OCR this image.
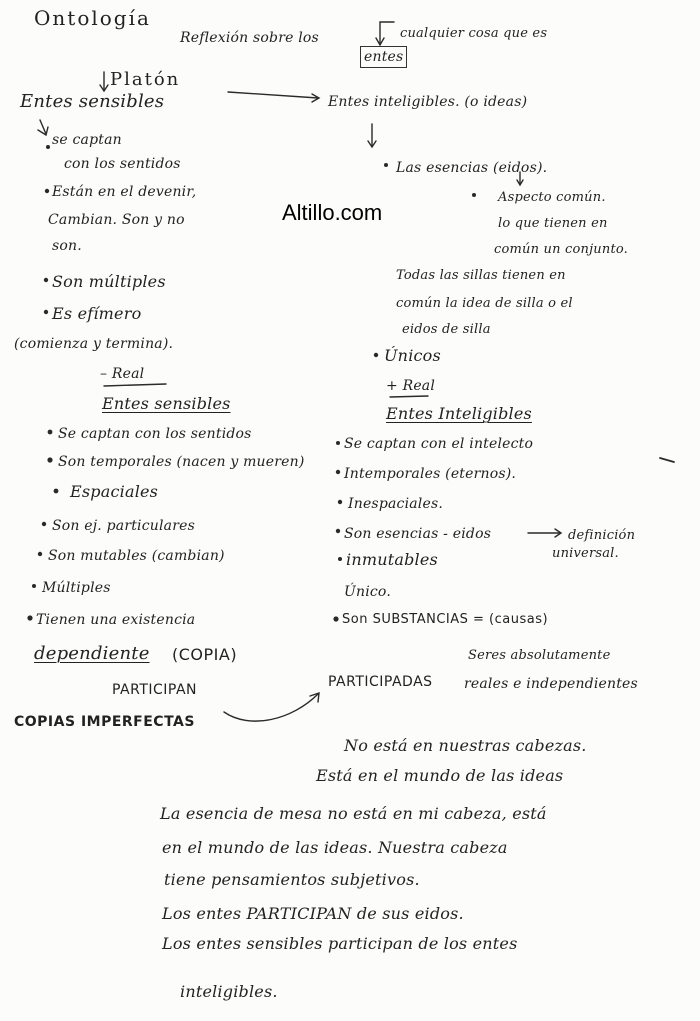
Ontología
Reflexión sobre los
entes
cualquier cosa que es
Platón
Entes sensibles
se captan
con los sentidos
Están en el devenir,
Cambian. Son y no
son.
Son múltiples
Es efímero
(comienza y termina).
– Real
Entes sensibles
Se captan con los sentidos
Son temporales (nacen y mueren)
Espaciales
Son ej. particulares
Son mutables (cambian)
Múltiples
Tienen una existencia
dependiente (COPIA)
PARTICIPAN
COPIAS IMPERFECTAS
Entes inteligibles. (o ideas)
Las esencias (eidos).
Aspecto común.
lo que tienen en
común un conjunto.
Todas las sillas tienen en
común la idea de silla o el
eidos de silla
Únicos
+ Real
Entes Inteligibles
Se captan con el intelecto
Intemporales (eternos).
Inespaciales.
Son esencias - eidos
inmutables
Único.
Son SUBSTANCIAS = (causas)
definición
universal.
Seres absolutamente
PARTICIPADAS reales e independientes
No está en nuestras cabezas.
Está en el mundo de las ideas
La esencia de mesa no está en mi cabeza, está
en el mundo de las ideas. Nuestra cabeza
tiene pensamientos subjetivos.
Los entes PARTICIPAN de sus eidos.
Los entes sensibles participan de los entes
inteligibles.
Altillo.com
